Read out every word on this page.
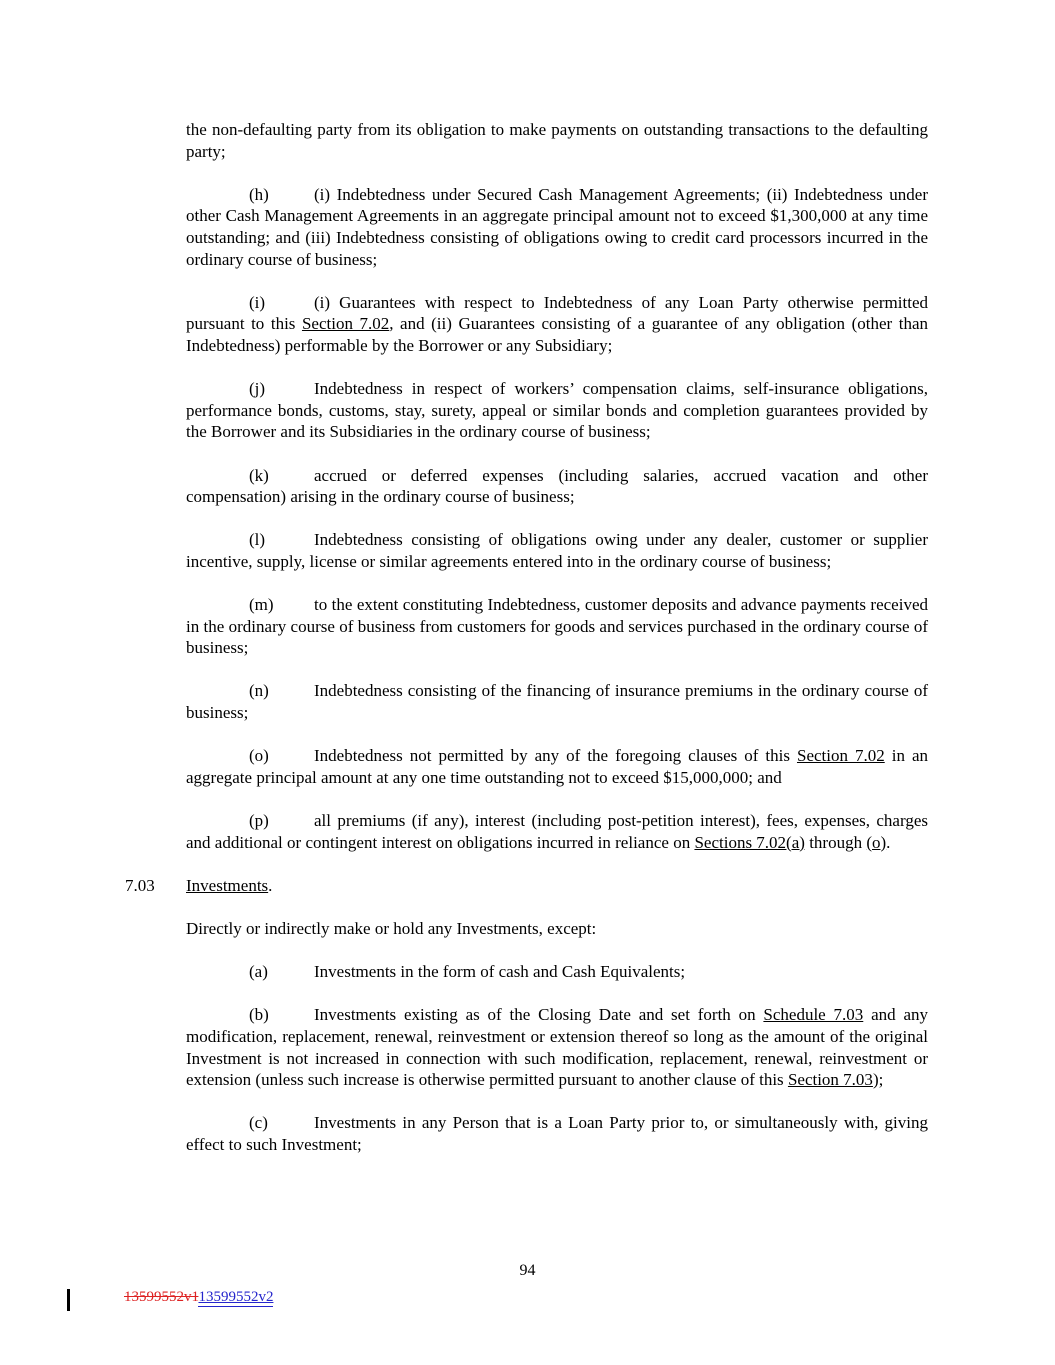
the non-defaulting party from its obligation to make payments on outstanding transactions to the defaulting party;

(h)	(i) Indebtedness under Secured Cash Management Agreements; (ii) Indebtedness under other Cash Management Agreements in an aggregate principal amount not to exceed $1,300,000 at any time outstanding; and (iii) Indebtedness consisting of obligations owing to credit card processors incurred in the ordinary course of business;

(i)	(i) Guarantees with respect to Indebtedness of any Loan Party otherwise permitted pursuant to this Section 7.02, and (ii) Guarantees consisting of a guarantee of any obligation (other than Indebtedness) performable by the Borrower or any Subsidiary;

(j)	Indebtedness in respect of workers’ compensation claims, self-insurance obligations, performance bonds, customs, stay, surety, appeal or similar bonds and completion guarantees provided by the Borrower and its Subsidiaries in the ordinary course of business;

(k)	accrued or deferred expenses (including salaries, accrued vacation and other compensation) arising in the ordinary course of business;

(l)	Indebtedness consisting of obligations owing under any dealer, customer or supplier incentive, supply, license or similar agreements entered into in the ordinary course of business;

(m) to the extent constituting Indebtedness, customer deposits and advance payments received in the ordinary course of business from customers for goods and services purchased in the ordinary course of business;

(n)	Indebtedness consisting of the financing of insurance premiums in the ordinary course of business;

(o)	Indebtedness not permitted by any of the foregoing clauses of this Section 7.02 in an aggregate principal amount at any one time outstanding not to exceed $15,000,000; and

(p)	all premiums (if any), interest (including post-petition interest), fees, expenses, charges and additional or contingent interest on obligations incurred in reliance on Sections 7.02(a) through (o).

7.03 Investments.

Directly or indirectly make or hold any Investments, except:

(a)	Investments in the form of cash and Cash Equivalents;

(b)	Investments existing as of the Closing Date and set forth on Schedule 7.03 and any modification, replacement, renewal, reinvestment or extension thereof so long as the amount of the original Investment is not increased in connection with such modification, replacement, renewal, reinvestment or extension (unless such increase is otherwise permitted pursuant to another clause of this Section 7.03);

(c)	Investments in any Person that is a Loan Party prior to, or simultaneously with, giving effect to such Investment;

94
13599552v113599552v2
